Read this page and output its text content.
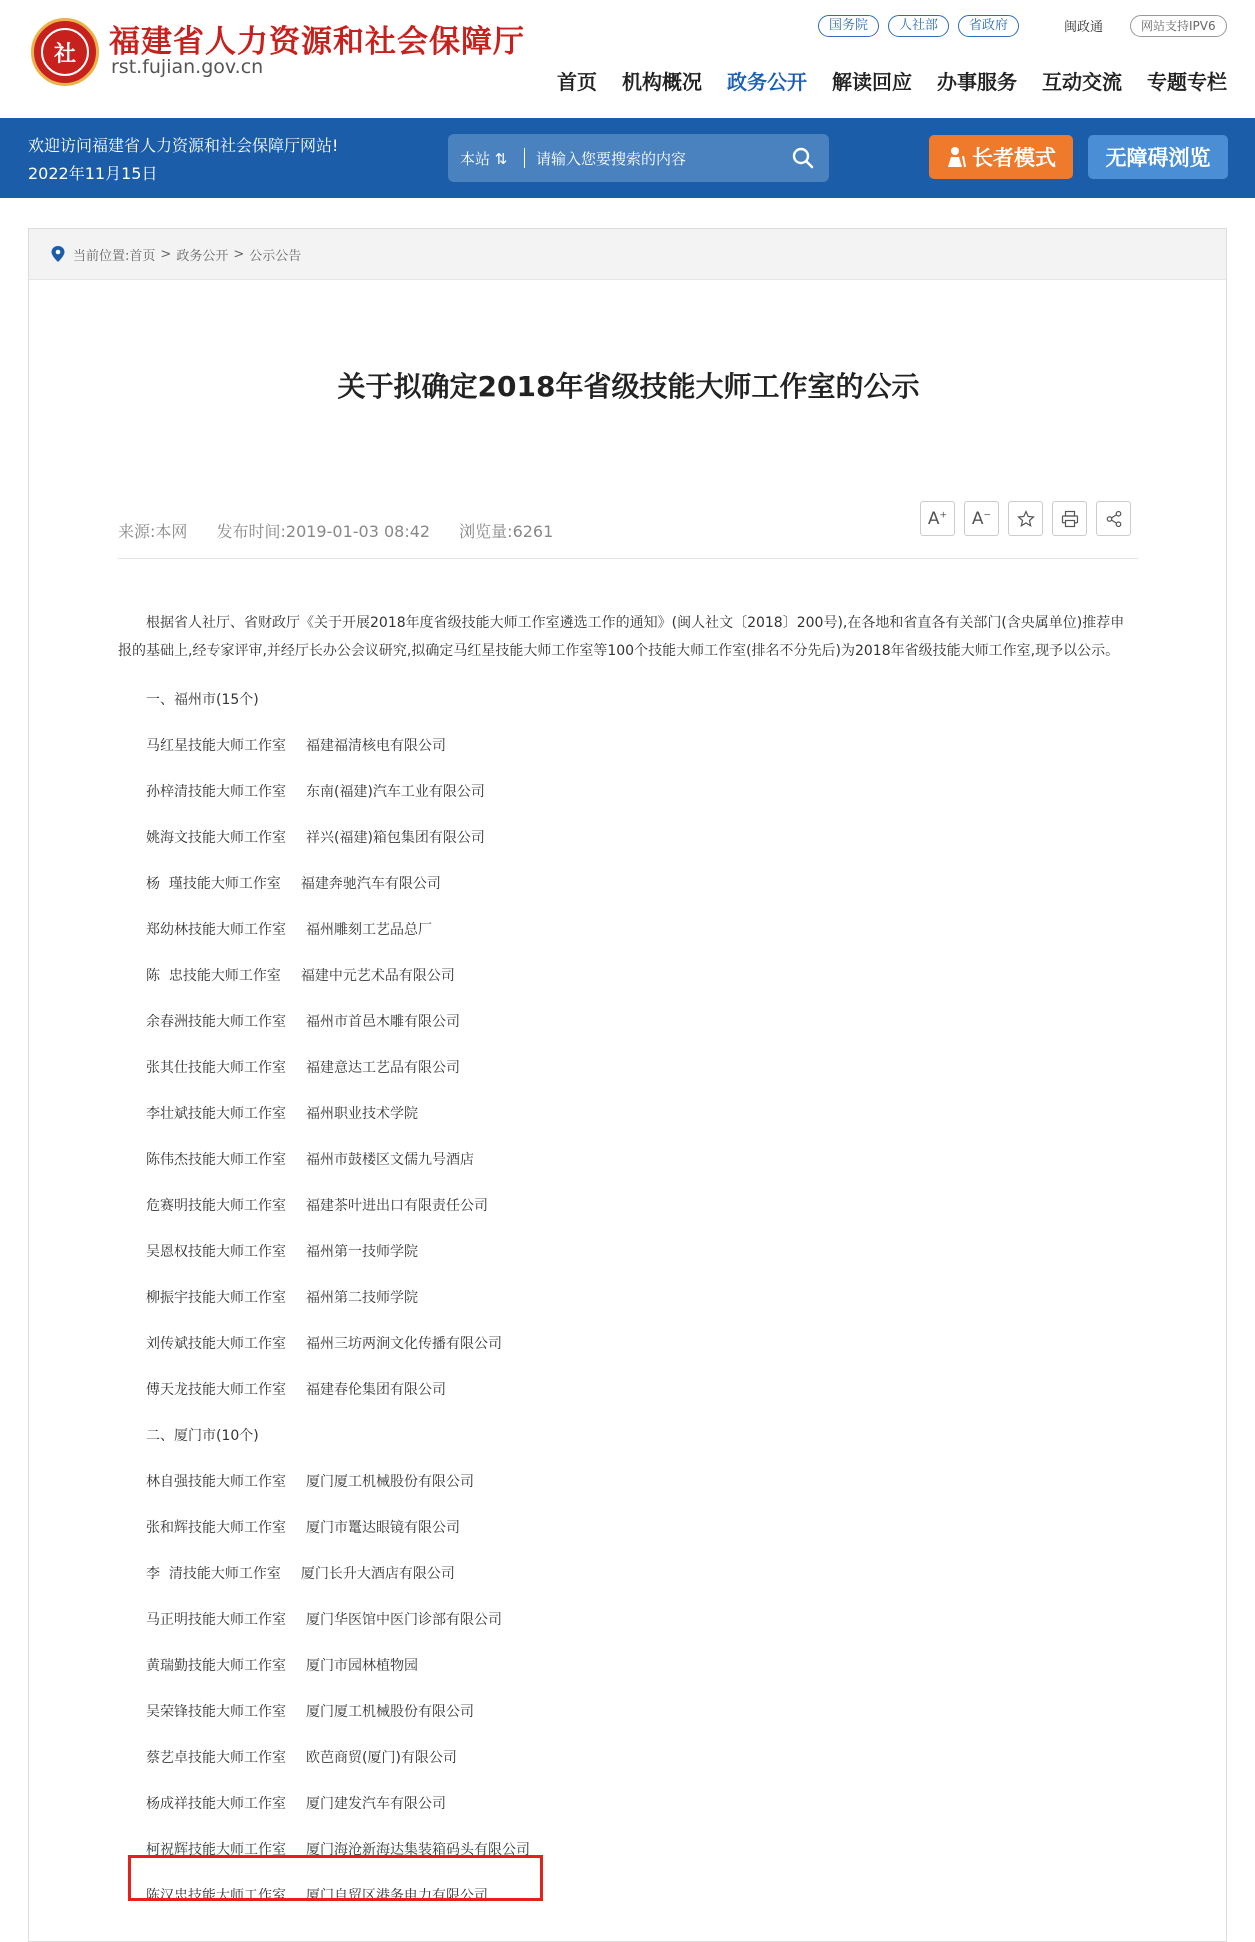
社	福建省人力资源和社会保障厅
rst.fujian.gov.cn
国务院	人社部	省政府	闽政通	网站支持IPV6
首页 机构概况 政务公开 解读回应 办事服务 互动交流 专题专栏
欢迎访问福建省人力资源和社会保障厅网站!
2022年11月15日
本站 ⇅
请输入您要搜索的内容	长者模式	无障碍浏览
当前位置: 首页 > 政务公开 > 公示公告
关于拟确定2018年省级技能大师工作室的公示
来源:本网 发布时间:2019-01-03 08:42 浏览量:6261
A+ A−

根据省人社厅、省财政厅《关于开展2018年度省级技能大师工作室遴选工作的通知》(闽人社文〔2018〕200号),在各地和省直各有关部门(含央属单位)推荐申报的基础上,经专家评审,并经厅长办公会议研究,拟确定马红星技能大师工作室等100个技能大师工作室(排名不分先后)为2018年省级技能大师工作室,现予以公示。

一、福州市(15个)
马红星技能大师工作室 福建福清核电有限公司
孙梓清技能大师工作室 东南(福建)汽车工业有限公司
姚海文技能大师工作室 祥兴(福建)箱包集团有限公司
杨  瑾技能大师工作室 福建奔驰汽车有限公司
郑幼林技能大师工作室 福州雕刻工艺品总厂
陈  忠技能大师工作室 福建中元艺术品有限公司
余春洲技能大师工作室 福州市首邑木雕有限公司
张其仕技能大师工作室 福建意达工艺品有限公司
李壮斌技能大师工作室 福州职业技术学院
陈伟杰技能大师工作室 福州市鼓楼区文儒九号酒店
危赛明技能大师工作室 福建茶叶进出口有限责任公司
吴恩权技能大师工作室 福州第一技师学院
柳振宇技能大师工作室 福州第二技师学院
刘传斌技能大师工作室 福州三坊两涧文化传播有限公司
傅天龙技能大师工作室 福建春伦集团有限公司
二、厦门市(10个)
林自强技能大师工作室 厦门厦工机械股份有限公司
张和辉技能大师工作室 厦门市鼍达眼镜有限公司
李  清技能大师工作室 厦门长升大酒店有限公司
马正明技能大师工作室 厦门华医馆中医门诊部有限公司
黄瑞勤技能大师工作室 厦门市园林植物园
吴荣锋技能大师工作室 厦门厦工机械股份有限公司
蔡艺卓技能大师工作室 欧芭商贸(厦门)有限公司
杨成祥技能大师工作室 厦门建发汽车有限公司
柯祝辉技能大师工作室 厦门海沧新海达集装箱码头有限公司
陈汉忠技能大师工作室 厦门自贸区港务电力有限公司
